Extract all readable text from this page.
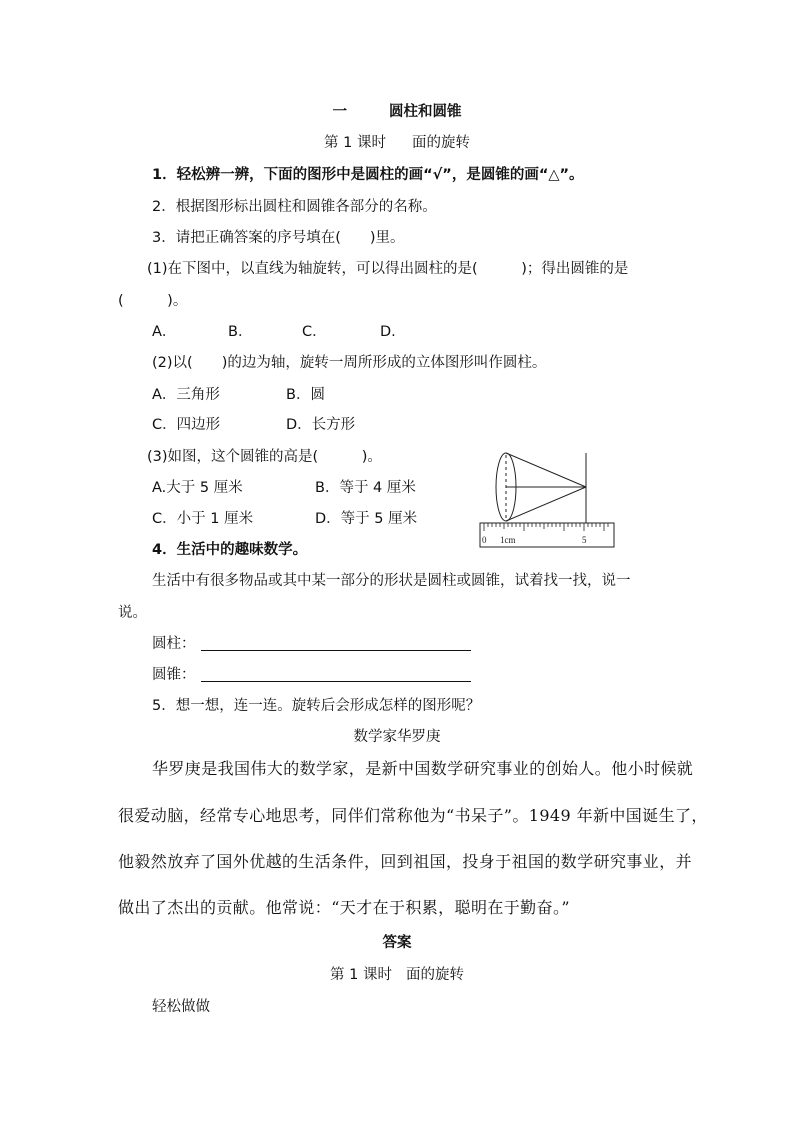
一	圆柱和圆锥
第 1 课时 面的旋转
1．轻松辨一辨，下面的图形中是圆柱的画“√”，是圆锥的画“△”。
2．根据图形标出圆柱和圆锥各部分的名称。
3．请把正确答案的序号填在(　　)里。
(1)在下图中，以直线为轴旋转，可以得出圆柱的是(　　　)；得出圆锥的是
(　　　)。
A．	B．	C．	D.
(2)以(　　)的边为轴，旋转一周所形成的立体图形叫作圆柱。
A．三角形	B．圆
C．四边形	D．长方形
(3)如图，这个圆锥的高是(　　　)。
A.大于 5 厘米	B．等于 4 厘米
C．小于 1 厘米	D．等于 5 厘米
0 1cm	5
4．生活中的趣味数学。
生活中有很多物品或其中某一部分的形状是圆柱或圆锥，试着找一找，说一
说。
圆柱：
圆锥：
5．想一想，连一连。旋转后会形成怎样的图形呢？
数学家华罗庚
华罗庚是我国伟大的数学家，是新中国数学研究事业的创始人。他小时候就
很爱动脑，经常专心地思考，同伴们常称他为“书呆子”。1949 年新中国诞生了，
他毅然放弃了国外优越的生活条件，回到祖国，投身于祖国的数学研究事业，并
做出了杰出的贡献。他常说：“天才在于积累，聪明在于勤奋。”
答案
第 1 课时 面的旋转
轻松做做
